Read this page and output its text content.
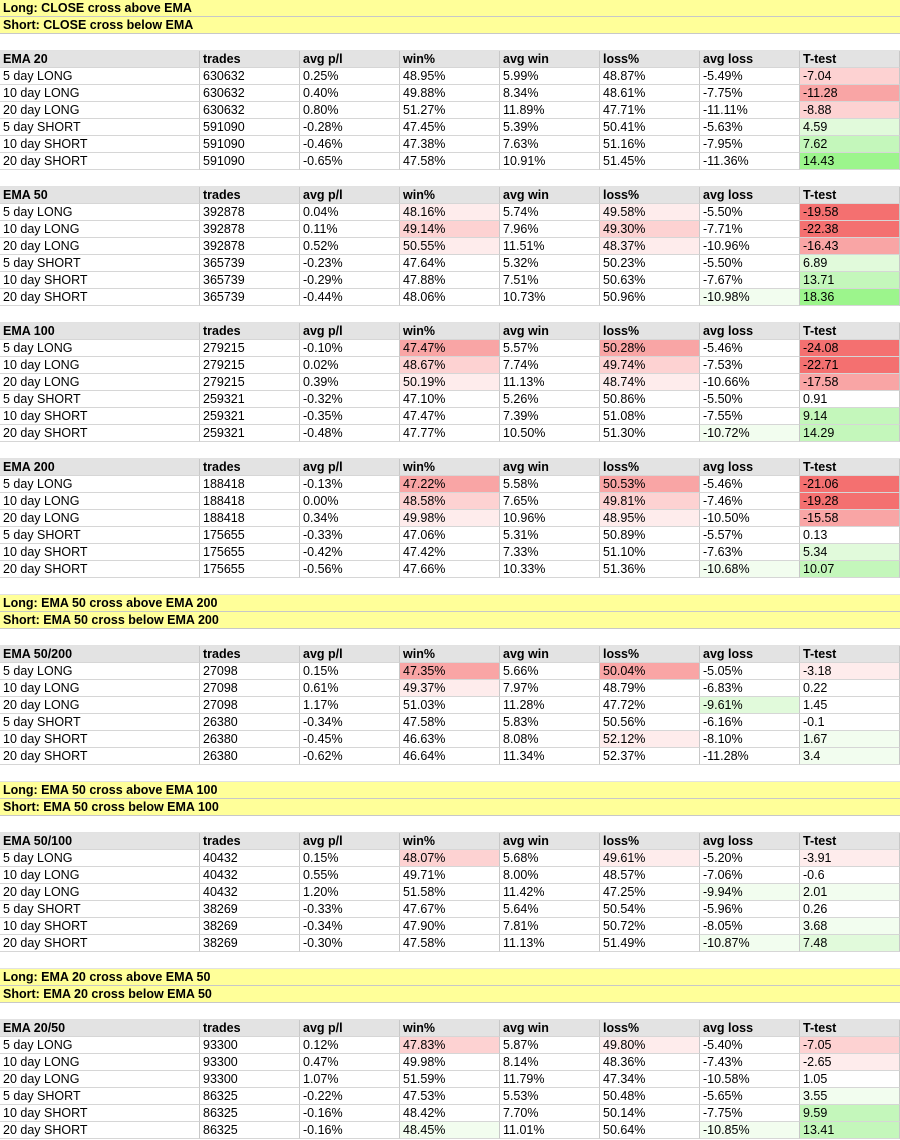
Long: CLOSE cross above EMA
Short: CLOSE cross below EMA
EMA 20	trades	avg p/l	win%	avg win	loss%	avg loss	T-test
5 day LONG	630632	0.25%	48.95%	5.99%	48.87%	-5.49%	-7.04
10 day LONG	630632	0.40%	49.88%	8.34%	48.61%	-7.75%	-11.28
20 day LONG	630632	0.80%	51.27%	11.89%	47.71%	-11.11%	-8.88
5 day SHORT	591090	-0.28%	47.45%	5.39%	50.41%	-5.63%	4.59
10 day SHORT	591090	-0.46%	47.38%	7.63%	51.16%	-7.95%	7.62
20 day SHORT	591090	-0.65%	47.58%	10.91%	51.45%	-11.36%	14.43
EMA 50	trades	avg p/l	win%	avg win	loss%	avg loss	T-test
5 day LONG	392878	0.04%	48.16%	5.74%	49.58%	-5.50%	-19.58
10 day LONG	392878	0.11%	49.14%	7.96%	49.30%	-7.71%	-22.38
20 day LONG	392878	0.52%	50.55%	11.51%	48.37%	-10.96%	-16.43
5 day SHORT	365739	-0.23%	47.64%	5.32%	50.23%	-5.50%	6.89
10 day SHORT	365739	-0.29%	47.88%	7.51%	50.63%	-7.67%	13.71
20 day SHORT	365739	-0.44%	48.06%	10.73%	50.96%	-10.98%	18.36
EMA 100	trades	avg p/l	win%	avg win	loss%	avg loss	T-test
5 day LONG	279215	-0.10%	47.47%	5.57%	50.28%	-5.46%	-24.08
10 day LONG	279215	0.02%	48.67%	7.74%	49.74%	-7.53%	-22.71
20 day LONG	279215	0.39%	50.19%	11.13%	48.74%	-10.66%	-17.58
5 day SHORT	259321	-0.32%	47.10%	5.26%	50.86%	-5.50%	0.91
10 day SHORT	259321	-0.35%	47.47%	7.39%	51.08%	-7.55%	9.14
20 day SHORT	259321	-0.48%	47.77%	10.50%	51.30%	-10.72%	14.29
EMA 200	trades	avg p/l	win%	avg win	loss%	avg loss	T-test
5 day LONG	188418	-0.13%	47.22%	5.58%	50.53%	-5.46%	-21.06
10 day LONG	188418	0.00%	48.58%	7.65%	49.81%	-7.46%	-19.28
20 day LONG	188418	0.34%	49.98%	10.96%	48.95%	-10.50%	-15.58
5 day SHORT	175655	-0.33%	47.06%	5.31%	50.89%	-5.57%	0.13
10 day SHORT	175655	-0.42%	47.42%	7.33%	51.10%	-7.63%	5.34
20 day SHORT	175655	-0.56%	47.66%	10.33%	51.36%	-10.68%	10.07
Long: EMA 50 cross above EMA 200
Short: EMA 50 cross below EMA 200
EMA 50/200	trades	avg p/l	win%	avg win	loss%	avg loss	T-test
5 day LONG	27098	0.15%	47.35%	5.66%	50.04%	-5.05%	-3.18
10 day LONG	27098	0.61%	49.37%	7.97%	48.79%	-6.83%	0.22
20 day LONG	27098	1.17%	51.03%	11.28%	47.72%	-9.61%	1.45
5 day SHORT	26380	-0.34%	47.58%	5.83%	50.56%	-6.16%	-0.1
10 day SHORT	26380	-0.45%	46.63%	8.08%	52.12%	-8.10%	1.67
20 day SHORT	26380	-0.62%	46.64%	11.34%	52.37%	-11.28%	3.4
Long: EMA 50 cross above EMA 100
Short: EMA 50 cross below EMA 100
EMA 50/100	trades	avg p/l	win%	avg win	loss%	avg loss	T-test
5 day LONG	40432	0.15%	48.07%	5.68%	49.61%	-5.20%	-3.91
10 day LONG	40432	0.55%	49.71%	8.00%	48.57%	-7.06%	-0.6
20 day LONG	40432	1.20%	51.58%	11.42%	47.25%	-9.94%	2.01
5 day SHORT	38269	-0.33%	47.67%	5.64%	50.54%	-5.96%	0.26
10 day SHORT	38269	-0.34%	47.90%	7.81%	50.72%	-8.05%	3.68
20 day SHORT	38269	-0.30%	47.58%	11.13%	51.49%	-10.87%	7.48
Long: EMA 20 cross above EMA 50
Short: EMA 20 cross below EMA 50
EMA 20/50	trades	avg p/l	win%	avg win	loss%	avg loss	T-test
5 day LONG	93300	0.12%	47.83%	5.87%	49.80%	-5.40%	-7.05
10 day LONG	93300	0.47%	49.98%	8.14%	48.36%	-7.43%	-2.65
20 day LONG	93300	1.07%	51.59%	11.79%	47.34%	-10.58%	1.05
5 day SHORT	86325	-0.22%	47.53%	5.53%	50.48%	-5.65%	3.55
10 day SHORT	86325	-0.16%	48.42%	7.70%	50.14%	-7.75%	9.59
20 day SHORT	86325	-0.16%	48.45%	11.01%	50.64%	-10.85%	13.41
